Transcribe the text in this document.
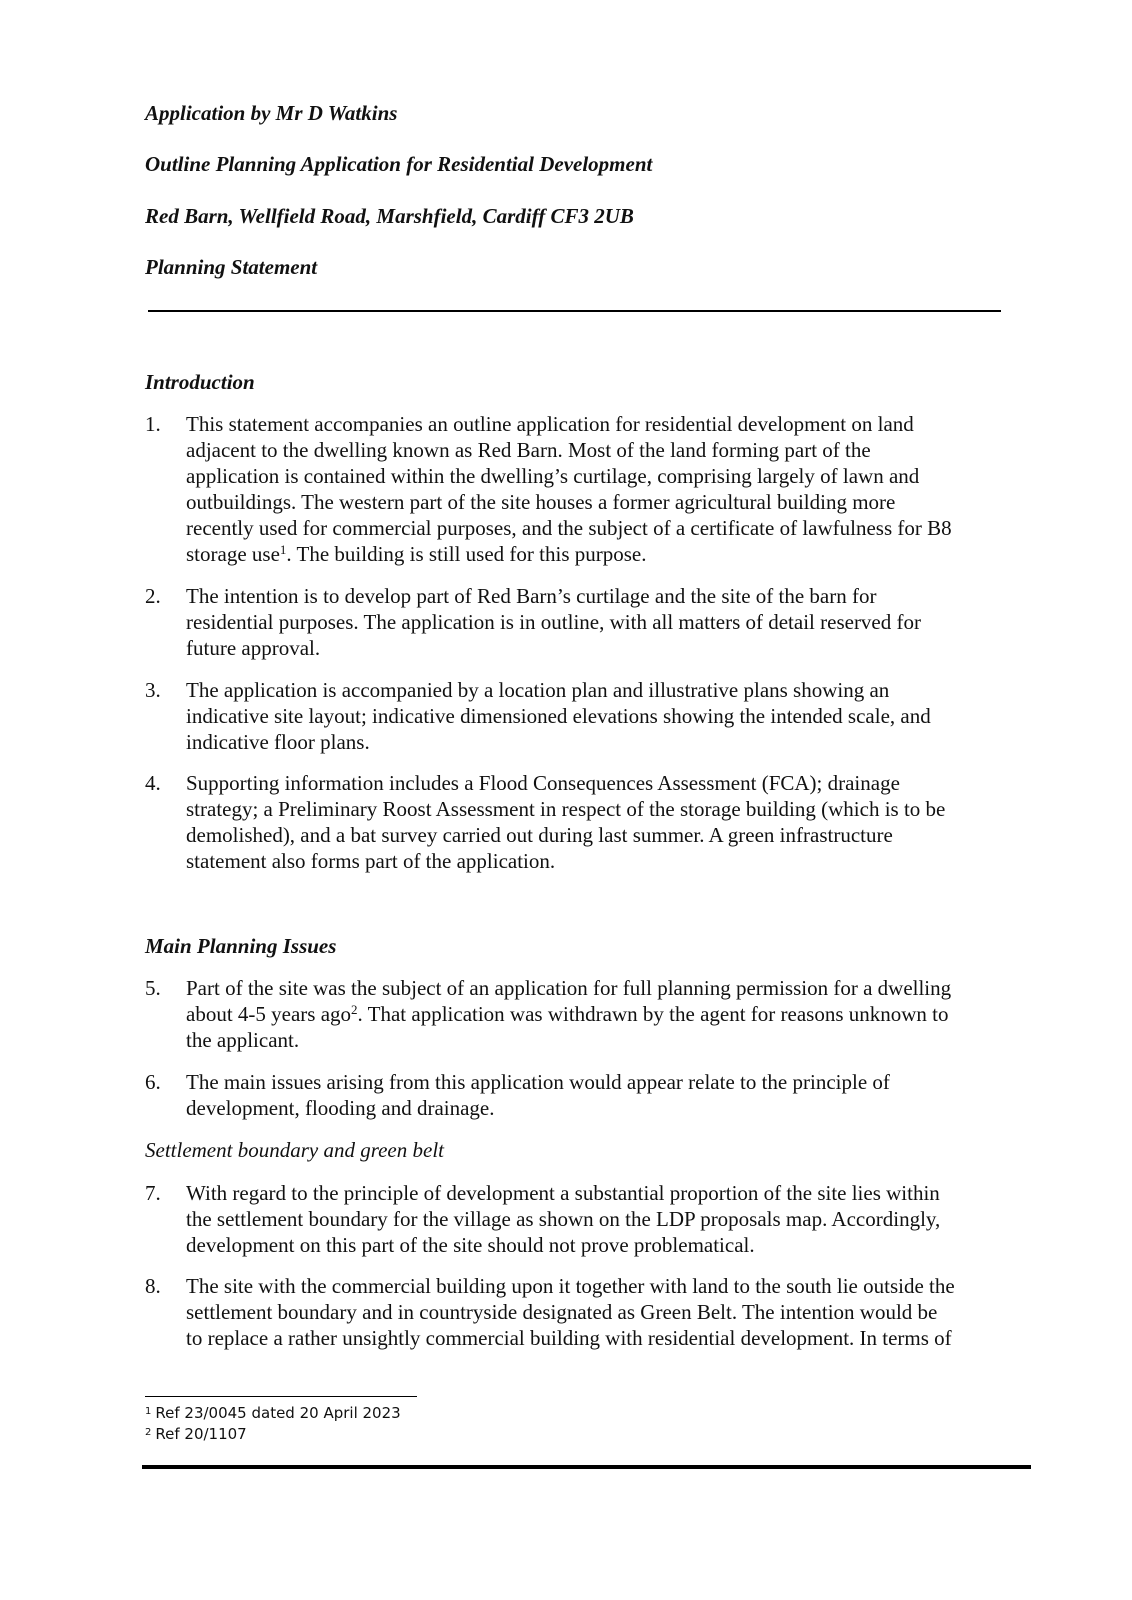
Application by Mr D Watkins

Outline Planning Application for Residential Development

Red Barn, Wellfield Road, Marshfield, Cardiff CF3 2UB

Planning Statement

Introduction

1.	This statement accompanies an outline application for residential development on land
adjacent to the dwelling known as Red Barn. Most of the land forming part of the
application is contained within the dwelling’s curtilage, comprising largely of lawn and
outbuildings. The western part of the site houses a former agricultural building more
recently used for commercial purposes, and the subject of a certificate of lawfulness for B8
storage use$^1$. The building is still used for this purpose.
2.	The intention is to develop part of Red Barn’s curtilage and the site of the barn for
residential purposes. The application is in outline, with all matters of detail reserved for
future approval.
3.	The application is accompanied by a location plan and illustrative plans showing an
indicative site layout; indicative dimensioned elevations showing the intended scale, and
indicative floor plans.
4.	Supporting information includes a Flood Consequences Assessment (FCA); drainage
strategy; a Preliminary Roost Assessment in respect of the storage building (which is to be
demolished), and a bat survey carried out during last summer. A green infrastructure
statement also forms part of the application.

Main Planning Issues

5.	Part of the site was the subject of an application for full planning permission for a dwelling
about 4-5 years ago$^2$. That application was withdrawn by the agent for reasons unknown to
the applicant.
6.	The main issues arising from this application would appear relate to the principle of
development, flooding and drainage.

Settlement boundary and green belt

7.	With regard to the principle of development a substantial proportion of the site lies within
the settlement boundary for the village as shown on the LDP proposals map. Accordingly,
development on this part of the site should not prove problematical.
8.	The site with the commercial building upon it together with land to the south lie outside the
settlement boundary and in countryside designated as Green Belt. The intention would be
to replace a rather unsightly commercial building with residential development. In terms of
$^1$ Ref 23/0045 dated 20 April 2023
$^2$ Ref 20/1107
